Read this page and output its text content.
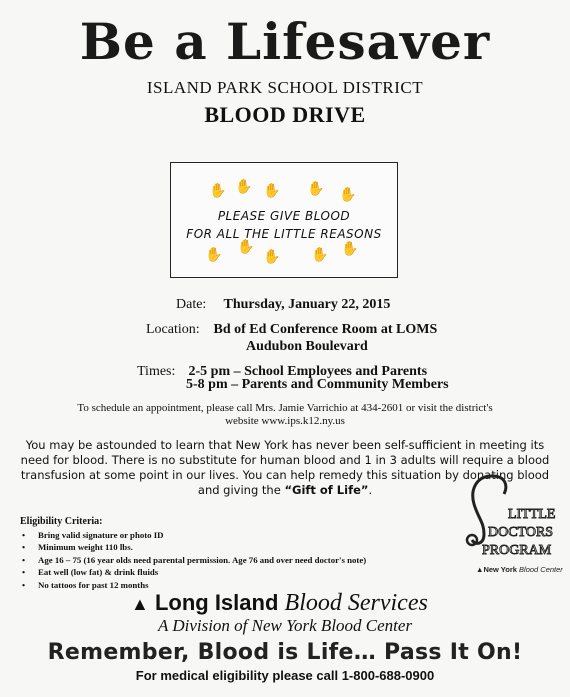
Be a Lifesaver
ISLAND PARK SCHOOL DISTRICT
BLOOD DRIVE
✋ ✋ ✋ ✋ ✋
PLEASE GIVE BLOOD
FOR ALL THE LITTLE REASONS
✋
✋
✋ ✋ ✋
Date: Thursday, January 22, 2015
Location: Bd of Ed Conference Room at LOMS
Audubon Boulevard
Times: 2-5 pm – School Employees and Parents
5-8 pm – Parents and Community Members
To schedule an appointment, please call Mrs. Jamie Varrichio at 434-2601 or visit the district's
website www.ips.k12.ny.us
You may be astounded to learn that New York has never been self-sufficient in meeting its need for blood. There is no substitute for human blood and 1 in 3 adults will require a blood transfusion at some point in our lives. You can help remedy this situation by donating blood and giving the “Gift of Life”.
Eligibility Criteria:
• Bring valid signature or photo ID
• Minimum weight 110 lbs.
• Age 16 – 75 (16 year olds need parental permission. Age 76 and over need doctor's note)
• Eat well (low fat) & drink fluids
• No tattoos for past 12 months
LITTLE
DOCTORS
PROGRAM
▲New York Blood Center
▲ Long Island Blood Services
A Division of New York Blood Center
Remember, Blood is Life… Pass It On!
For medical eligibility please call 1-800-688-0900
